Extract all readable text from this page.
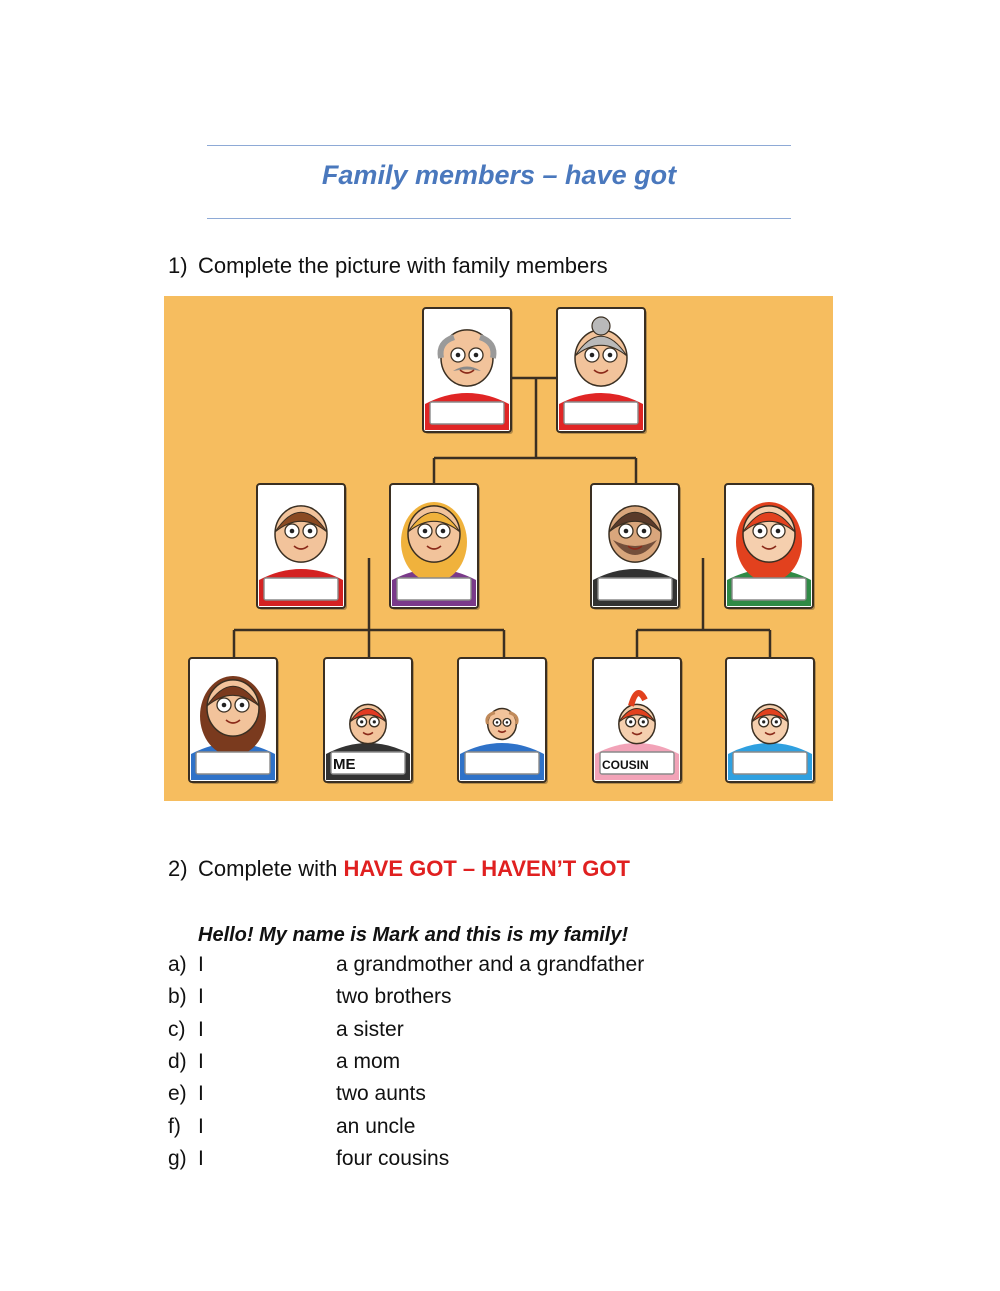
Family members – have got
1) Complete the picture with family members
ME	COUSIN
2) Complete with HAVE GOT – HAVEN’T GOT
Hello! My name is Mark and this is my family!
a) I	a grandmother and a grandfather
b) I	two brothers
c) I	a sister
d) I	a mom
e) I	two aunts
f) I	an uncle
g) I	four cousins
